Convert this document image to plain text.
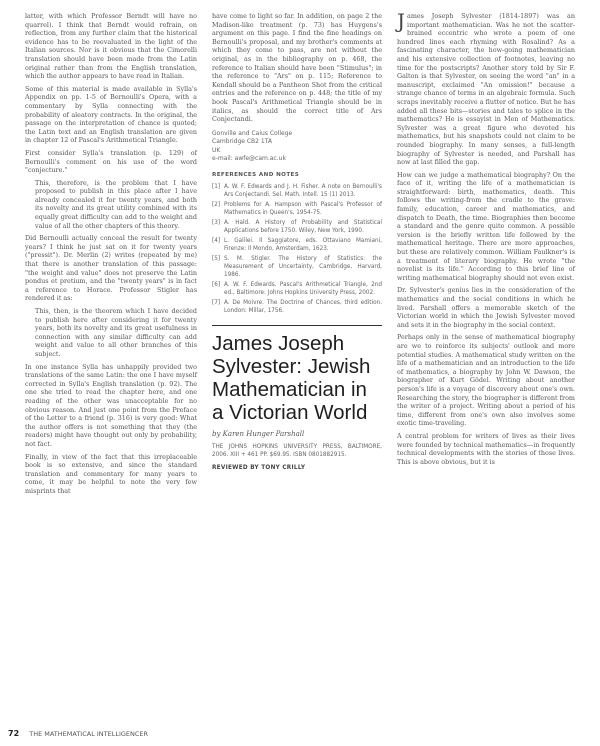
latter, with which Professor Berndt will have no quarrel). I think that Berndt would refrain, on reflection, from any further claim that the historical evidence has to be reevaluated in the light of the Italian sources. Nor is it obvious that the Cimorelli translation should have been made from the Latin original rather than from the English translation, which the author appears to have read in Italian.

Some of this material is made available in Sylla's Appendix on pp. 1-5 of Bernoulli's Opera, with a commentary by Sylla connecting with the probability of aleatory contracts. In the original, the passage on the interpretation of chance is quoted; the Latin text and an English translation are given in chapter 12 of Pascal's Arithmetical Triangle.

First consider Sylla's translation (p. 129) of Bernoulli's comment on his use of the word "conjecture."

This, therefore, is the problem that I have proposed to publish in this place after I have already concealed it for twenty years, and both its novelty and its great utility combined with its equally great difficulty can add to the weight and value of all the other chapters of this theory.

Did Bernoulli actually conceal the result for twenty years? I think he just sat on it for twenty years ("pressit"). Dr. Merlin (2) writes (repeated by me) that there is another translation of this passage: "the weight and value" does not preserve the Latin pondus et pretium, and the "twenty years" is in fact a reference to Horace. Professor Stigler has rendered it as:

This, then, is the theorem which I have decided to publish here after considering it for twenty years, both its novelty and its great usefulness in connection with any similar difficulty can add weight and value to all other branches of this subject.

In one instance Sylla has unhappily provided two translations of the same Latin: the one I have myself corrected in Sylla's English translation (p. 92). The one she tried to read the chapter here, and one reading of the other was unacceptable for no obvious reason. And just one point from the Preface of the Letter to a friend (p. 316) is very good: What the author offers is not something that they (the readers) might have thought out only by probability, not fact.

Finally, in view of the fact that this irreplaceable book is so extensive, and since the standard translation and commentary for many years to come, it may be helpful to note the very few misprints that

have come to light so far. In addition, on page 2 the Madison-like treatment (p. 73) has Huygens's argument on this page. I find the fine headings on Bernoulli's proposal, and my brother's comments at which they come to pass, are not without the original, as in the bibliography on p. 468, the reference to Italian should have been "Stimulus"; in the reference to "Ars" on p. 115; Reference to Kendall should be a Pantheon Shot from the critical entries and the reference on p. 448; the title of my book Pascal's Arithmetical Triangle should be in italics, as should the correct title of Ars Conjectandi.

Gonville and Caius College
Cambridge CB2 1TA
UK
e-mail: awfe@cam.ac.uk

REFERENCES AND NOTES
[1] A. W. F. Edwards and J. H. Fisher. A note on Bernoulli's Ars Conjectandi. Sel. Math. Intell. 15 (1) 2013.
[2] Problems for A. Hampson with Pascal's Professor of Mathematics in Queen's, 1954-75.
[3] A. Hald. A History of Probability and Statistical Applications before 1750. Wiley, New York, 1990.
[4] L. Galilei. Il Saggiatore, eds. Ottaviano Mamiani, Firenze: Il Mondo, Amsterdam, 1623.
[5] S. M. Stigler. The History of Statistics: the Measurement of Uncertainty, Cambridge, Harvard, 1986.
[6] A. W. F. Edwards. Pascal's Arithmetical Triangle, 2nd ed., Baltimore: Johns Hopkins University Press, 2002.
[7] A. De Moivre. The Doctrine of Chances, third edition. London: Millar, 1756.
James Joseph Sylvester: Jewish Mathematician in a Victorian World
by Karen Hunger Parshall
THE JOHNS HOPKINS UNIVERSITY PRESS, BALTIMORE, 2006. XIII + 461 PP. $69.95. ISBN 0801882915.
REVIEWED BY TONY CRILLY

James Joseph Sylvester (1814-1897) was an important mathematician. Was he not the scatter-brained eccentric who wrote a poem of one hundred lines each rhyming with Rosalind? As a fascinating character, the how-going mathematician and his extensive collection of footnotes, leaving no time for the postscripts? Another story told by Sir F. Galton is that Sylvester, on seeing the word "an" in a manuscript, exclaimed "An omission!" because a strange chance of terms in an algebraic formula. Such scraps inevitably receive a flutter of notice. But he has added all these bits—stories and tales to splice in the mathematics? He is essayist in Men of Mathematics. Sylvester was a great figure who devoted his mathematics, but his snapshots could not claim to be rounded biography. In many senses, a full-length biography of Sylvester is needed, and Parshall has now at last filled the gap.

How can we judge a mathematical biography? On the face of it, writing the life of a mathematician is straightforward: birth, mathematics, death. This follows the writing-from the cradle to the grave: family, education, career and mathematics, and dispatch to Death, the time. Biographies then become a standard and the genre quite common. A possible version is the briefly written life followed by the mathematical heritage. There are more approaches, but these are relatively common. William Faulkner's is a treatment of literary biography. He wrote "the novelist is its life." According to this brief line of writing mathematical biography should not even exist.

Dr. Sylvester's genius lies in the consideration of the mathematics and the social conditions in which he lived. Parshall offers a memorable sketch of the Victorian world in which the Jewish Sylvester moved and sets it in the biography in the social context.

Perhaps only in the sense of mathematical biography are we to reinforce its subjects' outlook and more potential studies. A mathematical study written on the life of a mathematician and an introduction to the life of mathematics, a biography by John W. Dawson, the biographer of Kurt Gödel. Writing about another person's life is a voyage of discovery about one's own. Researching the story, the biographer is different from the writer of a project. Writing about a period of his time, different from one's own also involves some exotic time-traveling.

A central problem for writers of lives as their lives were founded by technical mathematics—in frequently technical developments with the stories of those lives. This is above obvious, but it is

72 THE MATHEMATICAL INTELLIGENCER
